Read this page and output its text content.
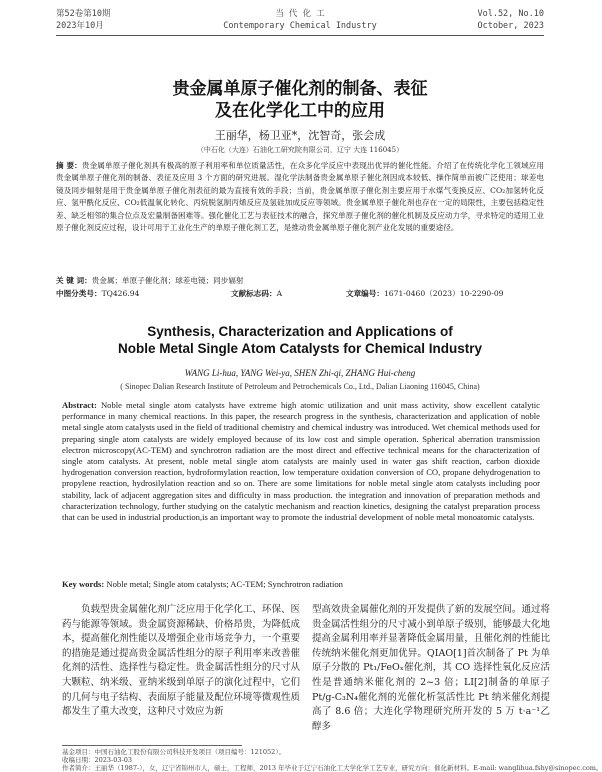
第52卷第10期
2023年10月
当 代 化 工
Contemporary Chemical Industry
Vol.52, No.10
October, 2023
贵金属单原子催化剂的制备、表征
及在化学化工中的应用
王丽华，杨卫亚*，沈智奇，张会成
（中石化（大连）石油化工研究院有限公司，辽宁 大连 116045）
摘 要：贵金属单原子催化剂具有极高的原子利用率和单位质量活性，在众多化学反应中表现出优异的催化性能。介绍了在传统化学化工领域应用贵金属单原子催化剂的制备、表征及应用 3 个方面的研究进展。湿化学法制备贵金属单原子催化剂因成本较低、操作简单而被广泛使用；球差电镜及同步辐射是用于贵金属单原子催化剂表征的最为直接有效的手段；当前，贵金属单原子催化剂主要应用于水煤气变换反应、CO₂加氢转化反应、氢甲酰化反应、CO₂低温氧化转化、丙烷脱氢制丙烯反应及氢硅加成反应等领域。贵金属单原子催化剂也存在一定的局限性，主要包括稳定性差、缺乏相邻的集合位点及宏量制备困难等。强化催化工艺与表征技术的融合，探究单原子催化剂的催化机制及反应动力学，寻求特定的适用工业原子催化剂反应过程，设计可用于工业化生产的单原子催化剂工艺，是推动贵金属单原子催化剂产业化发展的重要途径。
关 键 词：贵金属；单原子催化剂；球差电镜；同步辐射
中图分类号：TQ426.94	文献标志码：A	文章编号：1671-0460（2023）10-2290-09
Synthesis, Characterization and Applications of
Noble Metal Single Atom Catalysts for Chemical Industry
WANG Li-hua, YANG Wei-ya, SHEN Zhi-qi, ZHANG Hui-cheng
( Sinopec Dalian Research Institute of Petroleum and Petrochemicals Co., Ltd., Dalian Liaoning 116045, China)
Abstract: Noble metal single atom catalysts have extreme high atomic utilization and unit mass activity, show excellent catalytic performance in many chemical reactions. In this paper, the research progress in the synthesis, characterization and application of noble metal single atom catalysts used in the field of traditional chemistry and chemical industry was introduced. Wet chemical methods used for preparing single atom catalysts are widely employed because of its low cost and simple operation. Spherical aberration transmission electron microscopy(AC-TEM) and synchrotron radiation are the most direct and effective technical means for the characterization of single atom catalysts. At present, noble metal single atom catalysts are mainly used in water gas shift reaction, carbon dioxide hydrogenation conversion reaction, hydroformylation reaction, low temperature oxidation conversion of CO, propane dehydrogenation to propylene reaction, hydrosilylation reaction and so on. There are some limitations for noble metal single atom catalysts including poor stability, lack of adjacent aggregation sites and difficulty in mass production. the integration and innovation of preparation methods and characterization technology, further studying on the catalytic mechanism and reaction kinetics, designing the catalyst preparation process that can be used in industrial production,is an important way to promote the industrial development of noble metal monoatomic catalysts.
Key words: Noble metal; Single atom catalysts; AC-TEM; Synchrotron radiation
负载型贵金属催化剂广泛应用于化学化工、环保、医药与能源等领域。贵金属资源稀缺、价格昂贵，为降低成本，提高催化剂性能以及增强企业市场竞争力，一个重要的措施是通过提高贵金属活性组分的原子利用率来改善催化剂的活性、选择性与稳定性。贵金属活性组分的尺寸从大颗粒、纳米级、亚纳米级到单原子的演化过程中，它们的几何与电子结构、表面原子能量及配位环境等微观性质都发生了重大改变，这种尺寸效应为新
型高效贵金属催化剂的开发提供了新的发展空间。通过将贵金属活性组分的尺寸减小到单原子级别，能够最大化地提高金属利用率并显著降低金属用量，且催化剂的性能比传统纳米催化剂更加优异。QIAO[1]首次制备了 Pt 为单原子分散的 Pt₁/FeOₓ催化剂，其 CO 选择性氧化反应活性是普通纳米催化剂的 2~3 倍；LI[2]制备的单原子 Pt/g-C₃N₄催化剂的光催化析氢活性比 Pt 纳米催化剂提高了 8.6 倍；大连化学物理研究所开发的 5 万 t·a⁻¹乙醇多
基金项目：中国石油化工股份有限公司科技开发项目（项目编号：121052）。
收稿日期：2023-03-03
作者简介：王丽华（1987-），女，辽宁省锦州市人，硕士，工程师，2013 年毕业于辽宁石油化工大学化学工艺专业，研究方向：催化新材料。E-mail: wanglihua.fshy@sinopec.com。
